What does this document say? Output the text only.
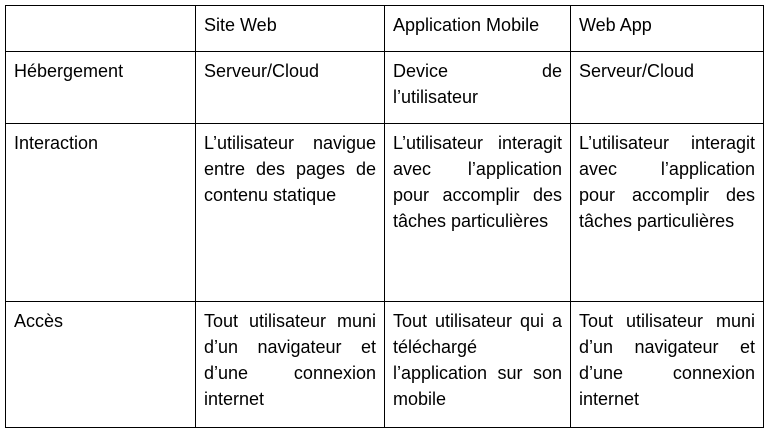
	Site Web	Application Mobile	Web App
Hébergement	Serveur/Cloud	Device de l’utilisateur	Serveur/Cloud
Interaction	L’utilisateur navigue entre des pages de contenu statique	L’utilisateur interagit avec l’application pour accomplir des tâches particulières	L’utilisateur interagit avec l’application pour accomplir des tâches particulières
Accès	Tout utilisateur muni d’un navigateur et d’une connexion internet	Tout utilisateur qui a téléchargé l’application sur son mobile	Tout utilisateur muni d’un navigateur et d’une connexion internet
